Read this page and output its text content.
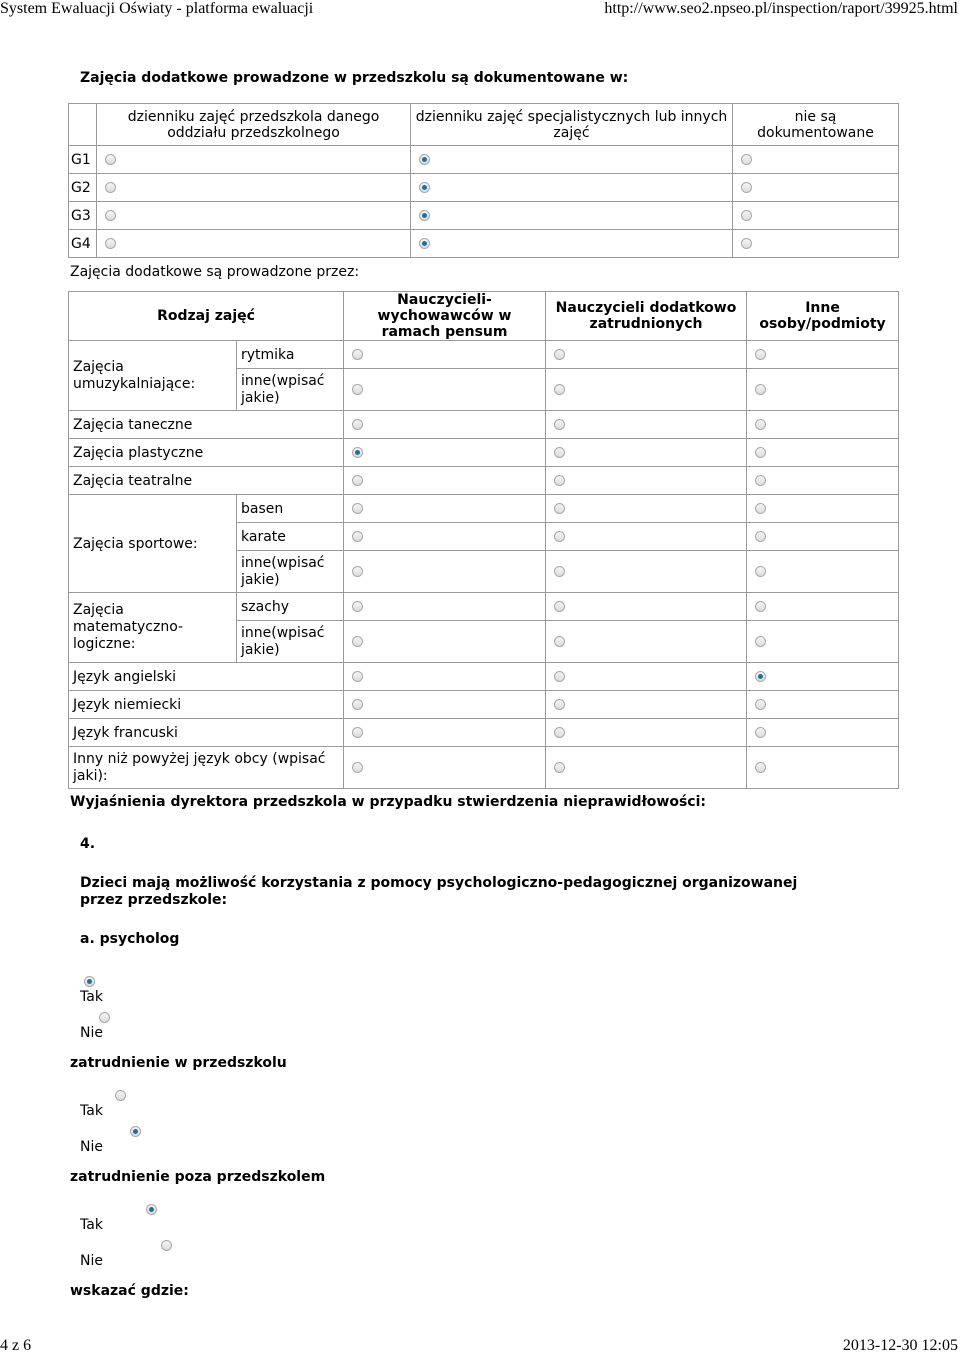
System Ewaluacji Oświaty - platforma ewaluacji	http://www.seo2.npseo.pl/inspection/raport/39925.html
Zajęcia dodatkowe prowadzone w przedszkolu są dokumentowane w:
	dzienniku zajęć przedszkola danego oddziału przedszkolnego	dzienniku zajęć specjalistycznych lub innych zajęć	nie są dokumentowane
G1			
G2			
G3			
G4			
Zajęcia dodatkowe są prowadzone przez:
Rodzaj zajęć		Nauczycieli-wychowawców w ramach pensum	Nauczycieli dodatkowo zatrudnionych	Inne osoby/podmioty
Zajęcia umuzykalniające:	rytmika			
	inne(wpisać jakie)			
Zajęcia taneczne				
Zajęcia plastyczne				
Zajęcia teatralne				
Zajęcia sportowe:	basen			
	karate			
	inne(wpisać jakie)			
Zajęcia matematyczno-logiczne:	szachy			
	inne(wpisać jakie)			
Język angielski				
Język niemiecki				
Język francuski				
Inny niż powyżej język obcy (wpisać jaki):				
Wyjaśnienia dyrektora przedszkola w przypadku stwierdzenia nieprawidłowości:
4.
Dzieci mają możliwość korzystania z pomocy psychologiczno-pedagogicznej organizowanej przez przedszkole:
a. psycholog

Tak

Nie
zatrudnienie w przedszkolu

Tak

Nie
zatrudnienie poza przedszkolem

Tak
Nie
wskazać gdzie:
4 z 6	2013-12-30 12:05
